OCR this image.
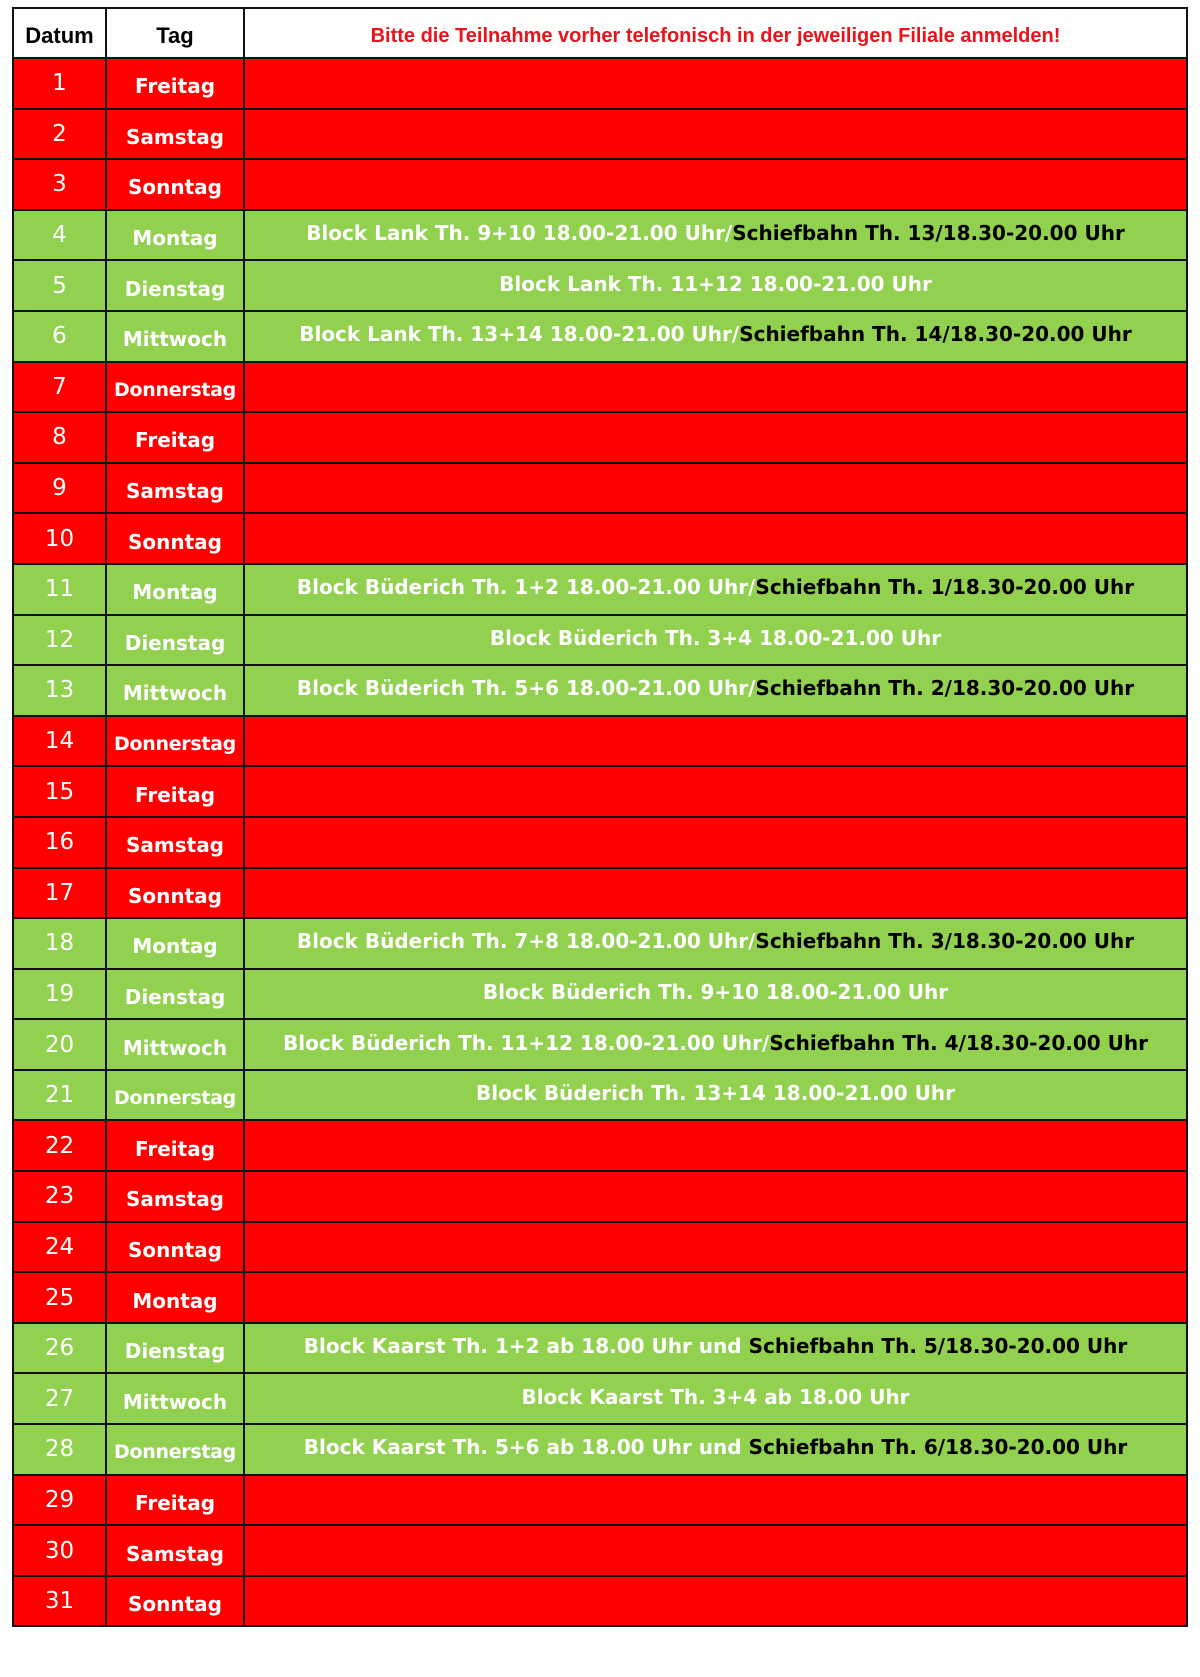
Datum	Tag	Bitte die Teilnahme vorher telefonisch in der jeweiligen Filiale anmelden!
1	Freitag	
2	Samstag	
3	Sonntag	
4	Montag	Block Lank Th. 9+10 18.00-21.00 Uhr/Schiefbahn Th. 13/18.30-20.00 Uhr
5	Dienstag	Block Lank Th. 11+12 18.00-21.00 Uhr
6	Mittwoch	Block Lank Th. 13+14 18.00-21.00 Uhr/Schiefbahn Th. 14/18.30-20.00 Uhr
7	Donnerstag	
8	Freitag	
9	Samstag	
10	Sonntag	
11	Montag	Block Büderich Th. 1+2 18.00-21.00 Uhr/Schiefbahn Th. 1/18.30-20.00 Uhr
12	Dienstag	Block Büderich Th. 3+4 18.00-21.00 Uhr
13	Mittwoch	Block Büderich Th. 5+6 18.00-21.00 Uhr/Schiefbahn Th. 2/18.30-20.00 Uhr
14	Donnerstag	
15	Freitag	
16	Samstag	
17	Sonntag	
18	Montag	Block Büderich Th. 7+8 18.00-21.00 Uhr/Schiefbahn Th. 3/18.30-20.00 Uhr
19	Dienstag	Block Büderich Th. 9+10 18.00-21.00 Uhr
20	Mittwoch	Block Büderich Th. 11+12 18.00-21.00 Uhr/Schiefbahn Th. 4/18.30-20.00 Uhr
21	Donnerstag	Block Büderich Th. 13+14 18.00-21.00 Uhr
22	Freitag	
23	Samstag	
24	Sonntag	
25	Montag	
26	Dienstag	Block Kaarst Th. 1+2 ab 18.00 Uhr und Schiefbahn Th. 5/18.30-20.00 Uhr
27	Mittwoch	Block Kaarst Th. 3+4 ab 18.00 Uhr
28	Donnerstag	Block Kaarst Th. 5+6 ab 18.00 Uhr und Schiefbahn Th. 6/18.30-20.00 Uhr
29	Freitag	
30	Samstag	
31	Sonntag	
